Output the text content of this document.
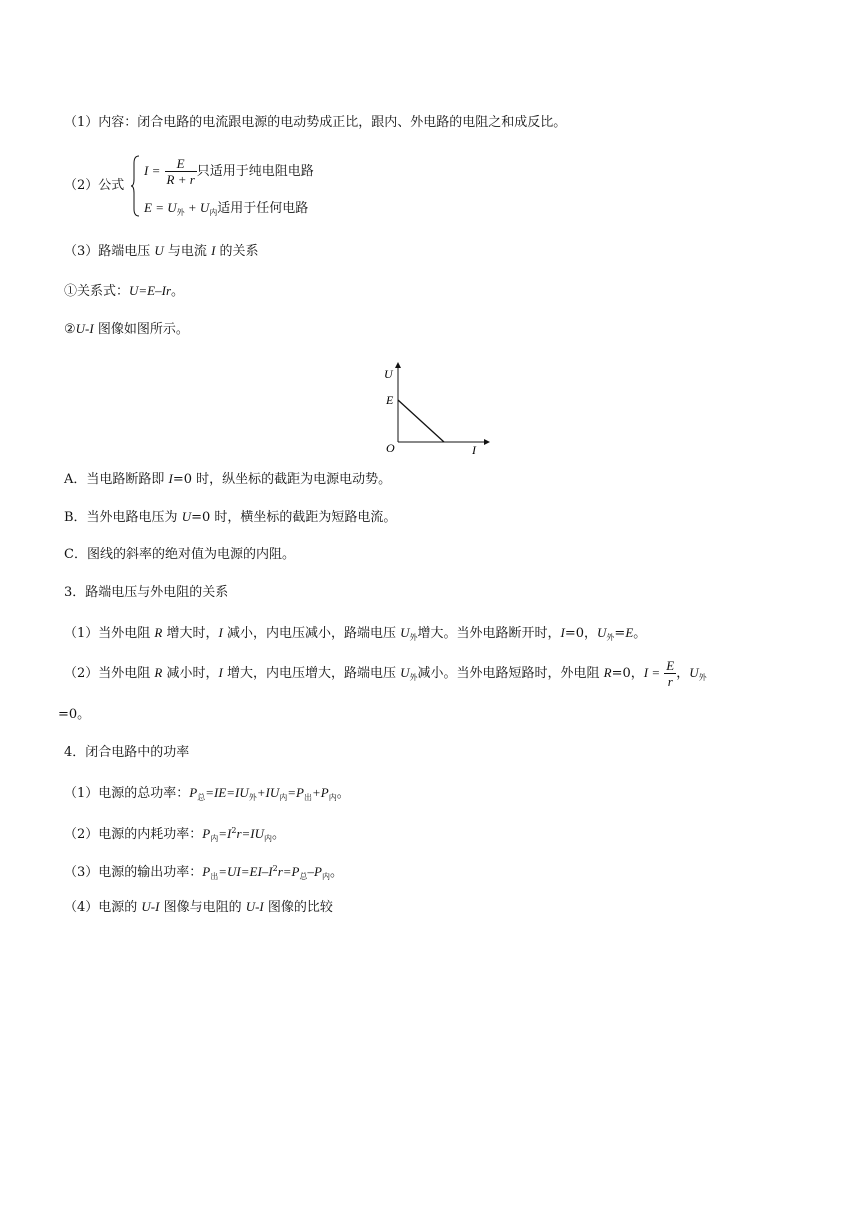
（1）内容：闭合电路的电流跟电源的电动势成正比，跟内、外电路的电阻之和成反比。
（2）公式
$I = \frac{E}{R + r}$ 只适用于纯电阻电路
$E = U_外 + U_内$适用于任何电路
（3）路端电压 U 与电流 I 的关系
①关系式：U=E–Ir。
②U-I 图像如图所示。
U
E
O	I
A．当电路断路即 I=0 时，纵坐标的截距为电源电动势。
B．当外电路电压为 U=0 时，横坐标的截距为短路电流。
C．图线的斜率的绝对值为电源的内阻。
3．路端电压与外电阻的关系
（1）当外电阻 R 增大时，I 减小，内电压减小，路端电压 $U_外$增大。当外电路断开时，I=0，$U_外=E$。
（2）当外电阻 R 减小时，I 增大，内电压增大，路端电压 $U_外$减小。当外电路短路时，外电阻 R=0，$I = \frac{E}{r}$ ，$U_外$
=0。
4．闭合电路中的功率
（1）电源的总功率：$P_总=IE=IU_外+IU_内=P_出+P_内$。
（2）电源的内耗功率：$P_内=I^2r=IU_内$。
（3）电源的输出功率：$P_出=UI=EI-I^2r=P_总-P_内$。
（4）电源的 U-I 图像与电阻的 U-I 图像的比较
